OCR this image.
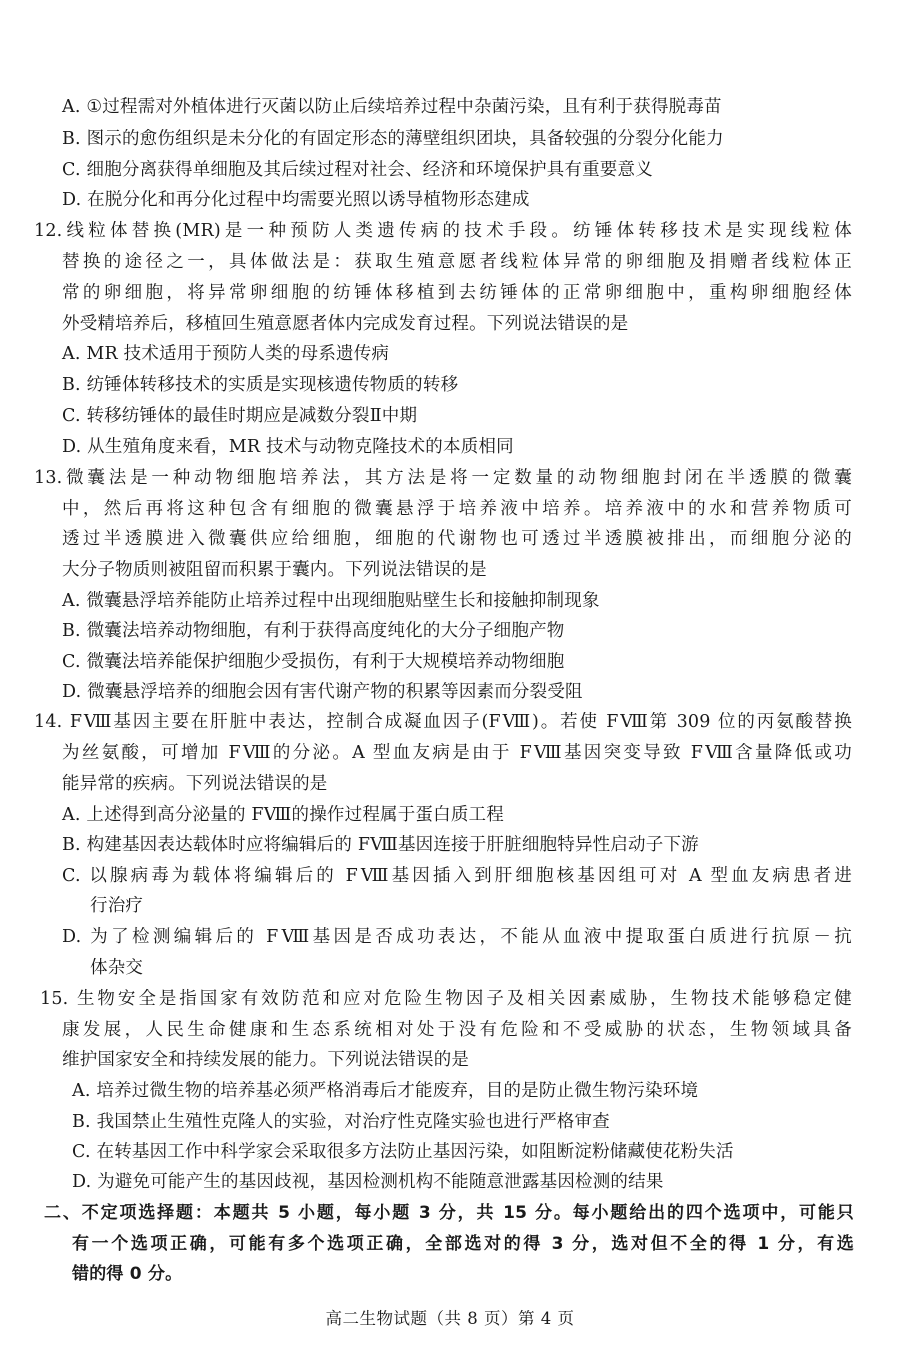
A. ①过程需对外植体进行灭菌以防止后续培养过程中杂菌污染，且有利于获得脱毒苗
B. 图示的愈伤组织是未分化的有固定形态的薄壁组织团块，具备较强的分裂分化能力
C. 细胞分离获得单细胞及其后续过程对社会、经济和环境保护具有重要意义
D. 在脱分化和再分化过程中均需要光照以诱导植物形态建成
12.线粒体替换(MR)是一种预防人类遗传病的技术手段。纺锤体转移技术是实现线粒体
替换的途径之一，具体做法是：获取生殖意愿者线粒体异常的卵细胞及捐赠者线粒体正
常的卵细胞，将异常卵细胞的纺锤体移植到去纺锤体的正常卵细胞中，重构卵细胞经体
外受精培养后，移植回生殖意愿者体内完成发育过程。下列说法错误的是
A. MR 技术适用于预防人类的母系遗传病
B. 纺锤体转移技术的实质是实现核遗传物质的转移
C. 转移纺锤体的最佳时期应是减数分裂Ⅱ中期
D. 从生殖角度来看，MR 技术与动物克隆技术的本质相同
13.微囊法是一种动物细胞培养法，其方法是将一定数量的动物细胞封闭在半透膜的微囊
中，然后再将这种包含有细胞的微囊悬浮于培养液中培养。培养液中的水和营养物质可
透过半透膜进入微囊供应给细胞，细胞的代谢物也可透过半透膜被排出，而细胞分泌的
大分子物质则被阻留而积累于囊内。下列说法错误的是
A. 微囊悬浮培养能防止培养过程中出现细胞贴壁生长和接触抑制现象
B. 微囊法培养动物细胞，有利于获得高度纯化的大分子细胞产物
C. 微囊法培养能保护细胞少受损伤，有利于大规模培养动物细胞
D. 微囊悬浮培养的细胞会因有害代谢产物的积累等因素而分裂受阻
14. FⅧ基因主要在肝脏中表达，控制合成凝血因子(FⅧ)。若使 FⅧ第 309 位的丙氨酸替换
为丝氨酸，可增加 FⅧ的分泌。A 型血友病是由于 FⅧ基因突变导致 FⅧ含量降低或功
能异常的疾病。下列说法错误的是
A. 上述得到高分泌量的 FⅧ的操作过程属于蛋白质工程
B. 构建基因表达载体时应将编辑后的 FⅧ基因连接于肝脏细胞特异性启动子下游
C. 以腺病毒为载体将编辑后的 FⅧ基因插入到肝细胞核基因组可对 A 型血友病患者进
行治疗
D. 为了检测编辑后的 FⅧ基因是否成功表达，不能从血液中提取蛋白质进行抗原－抗
体杂交
15. 生物安全是指国家有效防范和应对危险生物因子及相关因素威胁，生物技术能够稳定健
康发展，人民生命健康和生态系统相对处于没有危险和不受威胁的状态，生物领域具备
维护国家安全和持续发展的能力。下列说法错误的是
A. 培养过微生物的培养基必须严格消毒后才能废弃，目的是防止微生物污染环境
B. 我国禁止生殖性克隆人的实验，对治疗性克隆实验也进行严格审查
C. 在转基因工作中科学家会采取很多方法防止基因污染，如阻断淀粉储藏使花粉失活
D. 为避免可能产生的基因歧视，基因检测机构不能随意泄露基因检测的结果
二、不定项选择题：本题共 5 小题，每小题 3 分，共 15 分。每小题给出的四个选项中，可能只
有一个选项正确，可能有多个选项正确，全部选对的得 3 分，选对但不全的得 1 分，有选
错的得 0 分。
高二生物试题（共 8 页）第 4 页
